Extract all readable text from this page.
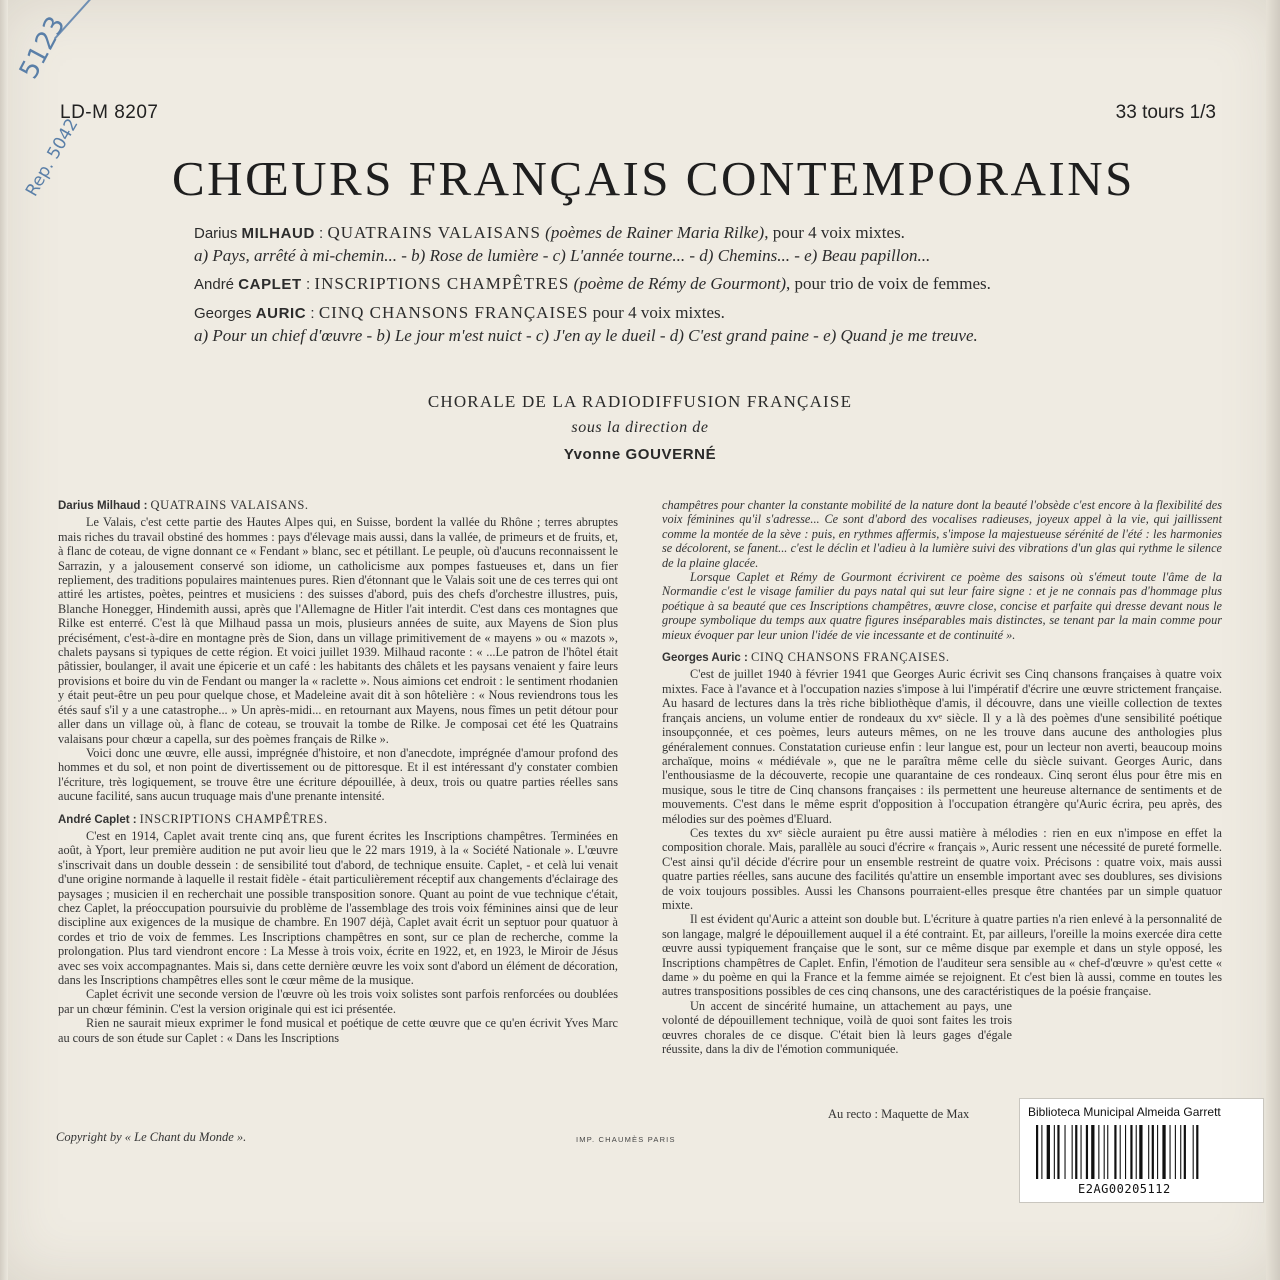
5123
Rep. 5042
LD-M 8207	33 tours 1/3
CHŒURS FRANÇAIS CONTEMPORAINS
Darius MILHAUD : QUATRAINS VALAISANS (poèmes de Rainer Maria Rilke), pour 4 voix mixtes.
a) Pays, arrêté à mi-chemin... - b) Rose de lumière - c) L'année tourne... - d) Chemins... - e) Beau papillon...
André CAPLET : INSCRIPTIONS CHAMPÊTRES (poème de Rémy de Gourmont), pour trio de voix de femmes.
Georges AURIC : CINQ CHANSONS FRANÇAISES pour 4 voix mixtes.
a) Pour un chief d'œuvre - b) Le jour m'est nuict - c) J'en ay le dueil - d) C'est grand paine - e) Quand je me treuve.
CHORALE DE LA RADIODIFFUSION FRANÇAISE
sous la direction de
Yvonne GOUVERNÉ

Darius Milhaud : QUATRAINS VALAISANS.

Le Valais, c'est cette partie des Hautes Alpes qui, en Suisse, bordent la vallée du Rhône ; terres abruptes mais riches du travail obstiné des hommes : pays d'élevage mais aussi, dans la vallée, de primeurs et de fruits, et, à flanc de coteau, de vigne donnant ce « Fendant » blanc, sec et pétillant. Le peuple, où d'aucuns reconnaissent le Sarrazin, y a jalousement conservé son idiome, un catholicisme aux pompes fastueuses et, dans un fier repliement, des traditions populaires maintenues pures. Rien d'étonnant que le Valais soit une de ces terres qui ont attiré les artistes, poètes, peintres et musiciens : des suisses d'abord, puis des chefs d'orchestre illustres, puis, Blanche Honegger, Hindemith aussi, après que l'Allemagne de Hitler l'ait interdit. C'est dans ces montagnes que Rilke est enterré. C'est là que Milhaud passa un mois, plusieurs années de suite, aux Mayens de Sion plus précisément, c'est-à-dire en montagne près de Sion, dans un village primitivement de « mayens » ou « mazots », chalets paysans si typiques de cette région. Et voici juillet 1939. Milhaud raconte : « ...Le patron de l'hôtel était pâtissier, boulanger, il avait une épicerie et un café : les habitants des châlets et les paysans venaient y faire leurs provisions et boire du vin de Fendant ou manger la « raclette ». Nous aimions cet endroit : le sentiment rhodanien y était peut-être un peu pour quelque chose, et Madeleine avait dit à son hôtelière : « Nous reviendrons tous les étés sauf s'il y a une catastrophe... » Un après-midi... en retournant aux Mayens, nous fîmes un petit détour pour aller dans un village où, à flanc de coteau, se trouvait la tombe de Rilke. Je composai cet été les Quatrains valaisans pour chœur a capella, sur des poèmes français de Rilke ».

Voici donc une œuvre, elle aussi, imprégnée d'histoire, et non d'anecdote, imprégnée d'amour profond des hommes et du sol, et non point de divertissement ou de pittoresque. Et il est intéressant d'y constater combien l'écriture, très logiquement, se trouve être une écriture dépouillée, à deux, trois ou quatre parties réelles sans aucune facilité, sans aucun truquage mais d'une prenante intensité.

André Caplet : INSCRIPTIONS CHAMPÊTRES.

C'est en 1914, Caplet avait trente cinq ans, que furent écrites les Inscriptions champêtres. Terminées en août, à Yport, leur première audition ne put avoir lieu que le 22 mars 1919, à la « Société Nationale ». L'œuvre s'inscrivait dans un double dessein : de sensibilité tout d'abord, de technique ensuite. Caplet, - et celà lui venait d'une origine normande à laquelle il restait fidèle - était particulièrement réceptif aux changements d'éclairage des paysages ; musicien il en recherchait une possible transposition sonore. Quant au point de vue technique c'était, chez Caplet, la préoccupation poursuivie du problème de l'assemblage des trois voix féminines ainsi que de leur discipline aux exigences de la musique de chambre. En 1907 déjà, Caplet avait écrit un septuor pour quatuor à cordes et trio de voix de femmes. Les Inscriptions champêtres en sont, sur ce plan de recherche, comme la prolongation. Plus tard viendront encore : La Messe à trois voix, écrite en 1922, et, en 1923, le Miroir de Jésus avec ses voix accompagnantes. Mais si, dans cette dernière œuvre les voix sont d'abord un élément de décoration, dans les Inscriptions champêtres elles sont le cœur même de la musique.

Caplet écrivit une seconde version de l'œuvre où les trois voix solistes sont parfois renforcées ou doublées par un chœur féminin. C'est la version originale qui est ici présentée.

Rien ne saurait mieux exprimer le fond musical et poétique de cette œuvre que ce qu'en écrivit Yves Marc au cours de son étude sur Caplet : « Dans les Inscriptions

champêtres pour chanter la constante mobilité de la nature dont la beauté l'obsède c'est encore à la flexibilité des voix féminines qu'il s'adresse... Ce sont d'abord des vocalises radieuses, joyeux appel à la vie, qui jaillissent comme la montée de la sève : puis, en rythmes affermis, s'impose la majestueuse sérénité de l'été : les harmonies se décolorent, se fanent... c'est le déclin et l'adieu à la lumière suivi des vibrations d'un glas qui rythme le silence de la plaine glacée.

Lorsque Caplet et Rémy de Gourmont écrivirent ce poème des saisons où s'émeut toute l'âme de la Normandie c'est le visage familier du pays natal qui sut leur faire signe : et je ne connais pas d'hommage plus poétique à sa beauté que ces Inscriptions champêtres, œuvre close, concise et parfaite qui dresse devant nous le groupe symbolique du temps aux quatre figures inséparables mais distinctes, se tenant par la main comme pour mieux évoquer par leur union l'idée de vie incessante et de continuité ».

Georges Auric : CINQ CHANSONS FRANÇAISES.

C'est de juillet 1940 à février 1941 que Georges Auric écrivit ses Cinq chansons françaises à quatre voix mixtes. Face à l'avance et à l'occupation nazies s'impose à lui l'impératif d'écrire une œuvre strictement française. Au hasard de lectures dans la très riche bibliothèque d'amis, il découvre, dans une vieille collection de textes français anciens, un volume entier de rondeaux du xvᵉ siècle. Il y a là des poèmes d'une sensibilité poétique insoupçonnée, et ces poèmes, leurs auteurs mêmes, on ne les trouve dans aucune des anthologies plus généralement connues. Constatation curieuse enfin : leur langue est, pour un lecteur non averti, beaucoup moins archaïque, moins « médiévale », que ne le paraîtra même celle du siècle suivant. Georges Auric, dans l'enthousiasme de la découverte, recopie une quarantaine de ces rondeaux. Cinq seront élus pour être mis en musique, sous le titre de Cinq chansons françaises : ils permettent une heureuse alternance de sentiments et de mouvements. C'est dans le même esprit d'opposition à l'occupation étrangère qu'Auric écrira, peu après, des mélodies sur des poèmes d'Eluard.

Ces textes du xvᵉ siècle auraient pu être aussi matière à mélodies : rien en eux n'impose en effet la composition chorale. Mais, parallèle au souci d'écrire « français », Auric ressent une nécessité de pureté formelle. C'est ainsi qu'il décide d'écrire pour un ensemble restreint de quatre voix. Précisons : quatre voix, mais aussi quatre parties réelles, sans aucune des facilités qu'attire un ensemble important avec ses doublures, ses divisions de voix toujours possibles. Aussi les Chansons pourraient-elles presque être chantées par un simple quatuor mixte.

Il est évident qu'Auric a atteint son double but. L'écriture à quatre parties n'a rien enlevé à la personnalité de son langage, malgré le dépouillement auquel il a été contraint. Et, par ailleurs, l'oreille la moins exercée dira cette œuvre aussi typiquement française que le sont, sur ce même disque par exemple et dans un style opposé, les Inscriptions champêtres de Caplet. Enfin, l'émotion de l'auditeur sera sensible au « chef-d'œuvre » qu'est cette « dame » du poème en qui la France et la femme aimée se rejoignent. Et c'est bien là aussi, comme en toutes les autres transpositions possibles de ces cinq chansons, une des caractéristiques de la poésie française.

Un accent de sincérité humaine, un attachement au pays, une volonté de dépouillement technique, voilà de quoi sont faites les trois œuvres chorales de ce disque. C'était bien là leurs gages d'égale réussite, dans la div de l'émotion communiquée.

Au recto : Maquette de Max
Copyright by « Le Chant du Monde ».	IMP. CHAUMÈS PARIS
Biblioteca Municipal Almeida Garrett
E2AG00205112
